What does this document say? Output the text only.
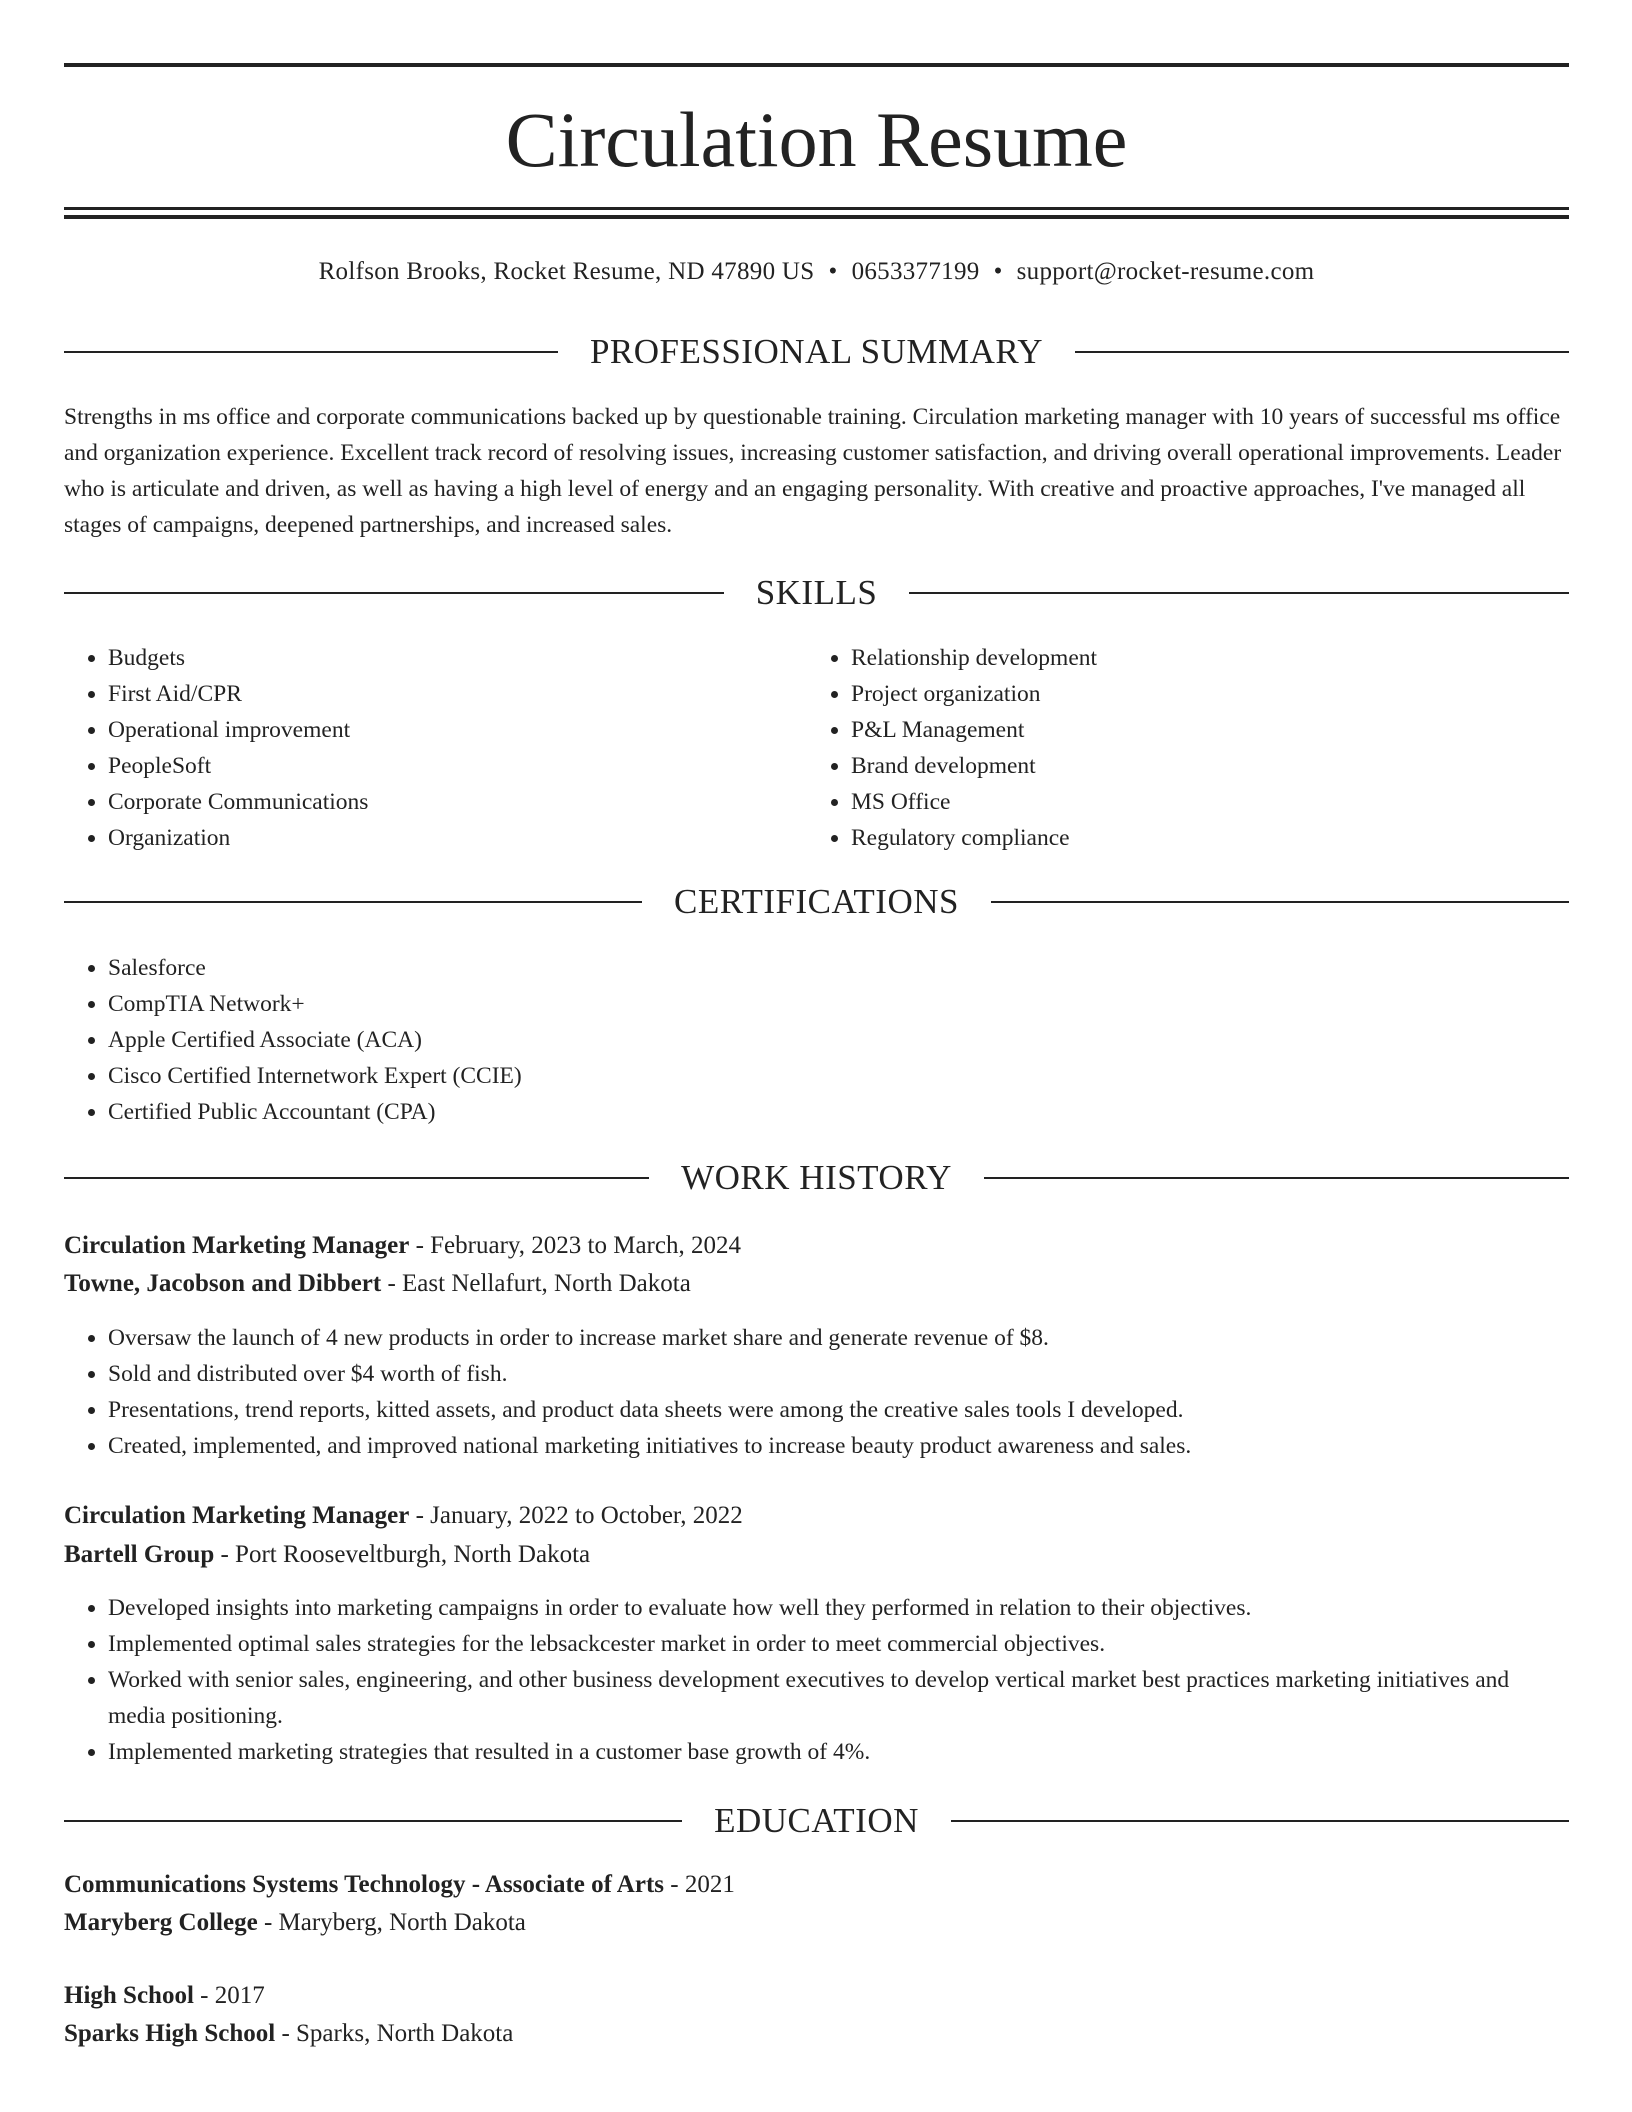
Circulation Resume
Rolfson Brooks, Rocket Resume, ND 47890 US • 0653377199 • support@rocket-resume.com
PROFESSIONAL SUMMARY

Strengths in ms office and corporate communications backed up by questionable training. Circulation marketing manager with 10 years of successful ms office and organization experience. Excellent track record of resolving issues, increasing customer satisfaction, and driving overall operational improvements. Leader who is articulate and driven, as well as having a high level of energy and an engaging personality. With creative and proactive approaches, I've managed all stages of campaigns, deepened partnerships, and increased sales.

SKILLS
• Budgets
• First Aid/CPR
• Operational improvement
• PeopleSoft
• Corporate Communications
• Organization
• Relationship development
• Project organization
• P&L Management
• Brand development
• MS Office
• Regulatory compliance
CERTIFICATIONS
• Salesforce
• CompTIA Network+
• Apple Certified Associate (ACA)
• Cisco Certified Internetwork Expert (CCIE)
• Certified Public Accountant (CPA)
WORK HISTORY
Circulation Marketing Manager - February, 2023 to March, 2024
Towne, Jacobson and Dibbert - East Nellafurt, North Dakota
• Oversaw the launch of 4 new products in order to increase market share and generate revenue of $8.
• Sold and distributed over $4 worth of fish.
• Presentations, trend reports, kitted assets, and product data sheets were among the creative sales tools I developed.
• Created, implemented, and improved national marketing initiatives to increase beauty product awareness and sales.
Circulation Marketing Manager - January, 2022 to October, 2022
Bartell Group - Port Rooseveltburgh, North Dakota
• Developed insights into marketing campaigns in order to evaluate how well they performed in relation to their objectives.
• Implemented optimal sales strategies for the lebsackcester market in order to meet commercial objectives.
• Worked with senior sales, engineering, and other business development executives to develop vertical market best practices marketing initiatives and media positioning.
• Implemented marketing strategies that resulted in a customer base growth of 4%.
EDUCATION
Communications Systems Technology - Associate of Arts - 2021
Maryberg College - Maryberg, North Dakota
High School - 2017
Sparks High School - Sparks, North Dakota
